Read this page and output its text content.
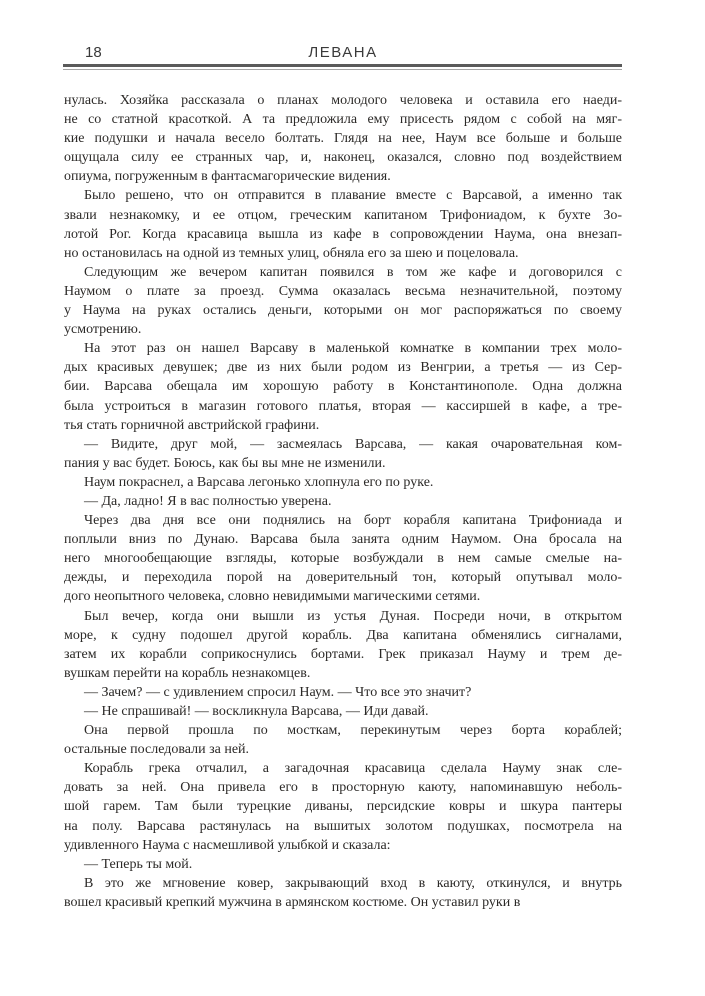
18	ЛЕВАНА
нулась. Хозяйка рассказала о планах молодого человека и оставила его наеди-
не со статной красоткой. А та предложила ему присесть рядом с собой на мяг-
кие подушки и начала весело болтать. Глядя на нее, Наум все больше и больше
ощущала силу ее странных чар, и, наконец, оказался, словно под воздействием
опиума, погруженным в фантасмагорические видения.
Было решено, что он отправится в плавание вместе с Варсавой, а именно так
звали незнакомку, и ее отцом, греческим капитаном Трифониадом, к бухте Зо-
лотой Рог. Когда красавица вышла из кафе в сопровождении Наума, она внезап-
но остановилась на одной из темных улиц, обняла его за шею и поцеловала.
Следующим же вечером капитан появился в том же кафе и договорился с
Наумом о плате за проезд. Сумма оказалась весьма незначительной, поэтому
у Наума на руках остались деньги, которыми он мог распоряжаться по своему
усмотрению.
На этот раз он нашел Варсаву в маленькой комнатке в компании трех моло-
дых красивых девушек; две из них были родом из Венгрии, а третья — из Сер-
бии. Варсава обещала им хорошую работу в Константинополе. Одна должна
была устроиться в магазин готового платья, вторая — кассиршей в кафе, а тре-
тья стать горничной австрийской графини.
— Видите, друг мой, — засмеялась Варсава, — какая очаровательная ком-
пания у вас будет. Боюсь, как бы вы мне не изменили.
Наум покраснел, а Варсава легонько хлопнула его по руке.
— Да, ладно! Я в вас полностью уверена.
Через два дня все они поднялись на борт корабля капитана Трифониада и
поплыли вниз по Дунаю. Варсава была занята одним Наумом. Она бросала на
него многообещающие взгляды, которые возбуждали в нем самые смелые на-
дежды, и переходила порой на доверительный тон, который опутывал моло-
дого неопытного человека, словно невидимыми магическими сетями.
Был вечер, когда они вышли из устья Дуная. Посреди ночи, в открытом
море, к судну подошел другой корабль. Два капитана обменялись сигналами,
затем их корабли соприкоснулись бортами. Грек приказал Науму и трем де-
вушкам перейти на корабль незнакомцев.
— Зачем? — с удивлением спросил Наум. — Что все это значит?
— Не спрашивай! — воскликнула Варсава, — Иди давай.
Она первой прошла по мосткам, перекинутым через борта кораблей;
остальные последовали за ней.
Корабль грека отчалил, а загадочная красавица сделала Науму знак сле-
довать за ней. Она привела его в просторную каюту, напоминавшую неболь-
шой гарем. Там были турецкие диваны, персидские ковры и шкура пантеры
на полу. Варсава растянулась на вышитых золотом подушках, посмотрела на
удивленного Наума с насмешливой улыбкой и сказала:
— Теперь ты мой.
В это же мгновение ковер, закрывающий вход в каюту, откинулся, и внутрь
вошел красивый крепкий мужчина в армянском костюме. Он уставил руки в
